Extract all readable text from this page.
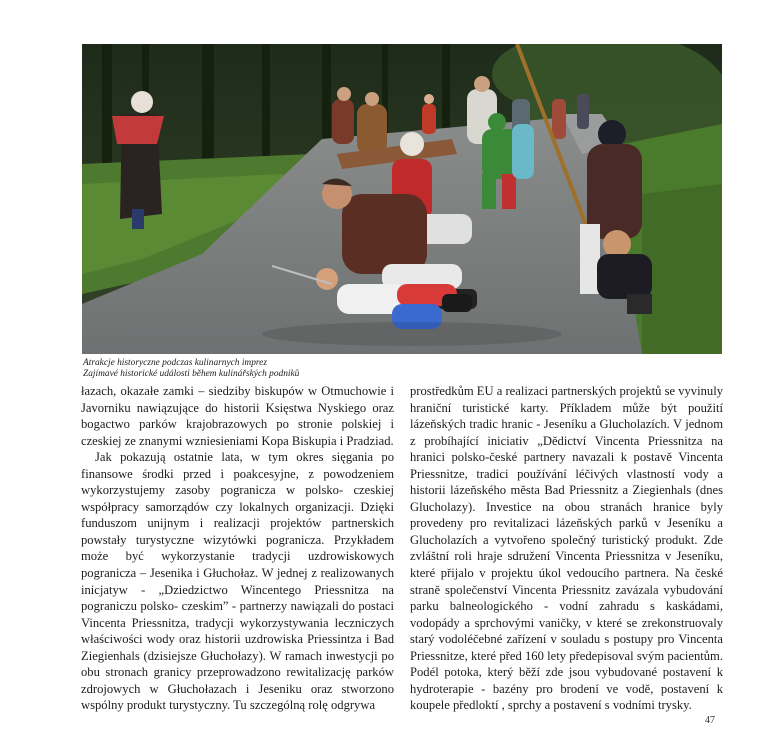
Atrakcje historyczne podczas kulinarnych imprez
Zajímavé historické události během kulinářských podniků

łazach, okazałe zamki – siedziby biskupów w Otmuchowie i Javorniku nawiązujące do historii Księstwa Nyskiego oraz bogactwo parków krajobrazowych po stronie polskiej i czeskiej ze znanymi wzniesieniami Kopa Biskupia i Pradziad.

Jak pokazują ostatnie lata, w tym okres sięgania po finansowe środki przed i poakcesyjne, z powodzeniem wykorzystujemy zasoby pogranicza w polsko- czeskiej współpracy samorządów czy lokalnych organizacji. Dzięki funduszom unijnym i realizacji projektów partnerskich powstały turystyczne wizytówki pogranicza. Przykładem może być wykorzystanie tradycji uzdrowiskowych pogranicza – Jesenika i Głuchołaz. W jednej z realizowanych inicjatyw - „Dziedzictwo Wincentego Priessnitza na pograniczu polsko- czeskim” - partnerzy nawiązali do postaci Vincenta Priessnitza, tradycji wykorzystywania leczniczych właściwości wody oraz historii uzdrowiska Priessintza i Bad Ziegienhals (dzisiejsze Głuchołazy). W ramach inwestycji po obu stronach granicy przeprowadzono rewitalizację parków zdrojowych w Głuchołazach i Jeseniku oraz stworzono wspólny produkt turystyczny. Tu szczególną rolę odgrywa

prostředkům EU a realizaci partnerských projektů se vyvinuly hraniční turistické karty. Příkladem může být použití lázeňských tradic hranic - Jeseníku a Glucholazích. V jednom z probíhající iniciativ „Dědictví Vincenta Priessnitza na hranici polsko-české partnery navazali k postavě Vincenta Priessnitze, tradici používání léčivých vlastností vody a historii lázeňského města Bad Priessnitz a Ziegienhals (dnes Glucholazy). Investice na obou stranách hranice byly provedeny pro revitalizaci lázeňských parků v Jeseníku a Glucholazích a vytvořeno společný turistický produkt. Zde zvláštní roli hraje sdružení Vincenta Priessnitza v Jeseníku, které přijalo v projektu úkol vedoucího partnera. Na české straně společenství Vincenta Priessnitz zavázala vybudování parku balneologického - vodní zahradu s kaskádami, vodopády a sprchovými vaničky, v které se zrekonstruovaly starý vodoléčebné zařízení v souladu s postupy pro Vincenta Priessnitze, které před 160 lety předepisoval svým pacientům. Podél potoka, který běží zde jsou vybudované postavení k hydroterapie - bazény pro brodení ve vodě, postavení k koupele předloktí , sprchy a postavení s vodními trysky.

47
